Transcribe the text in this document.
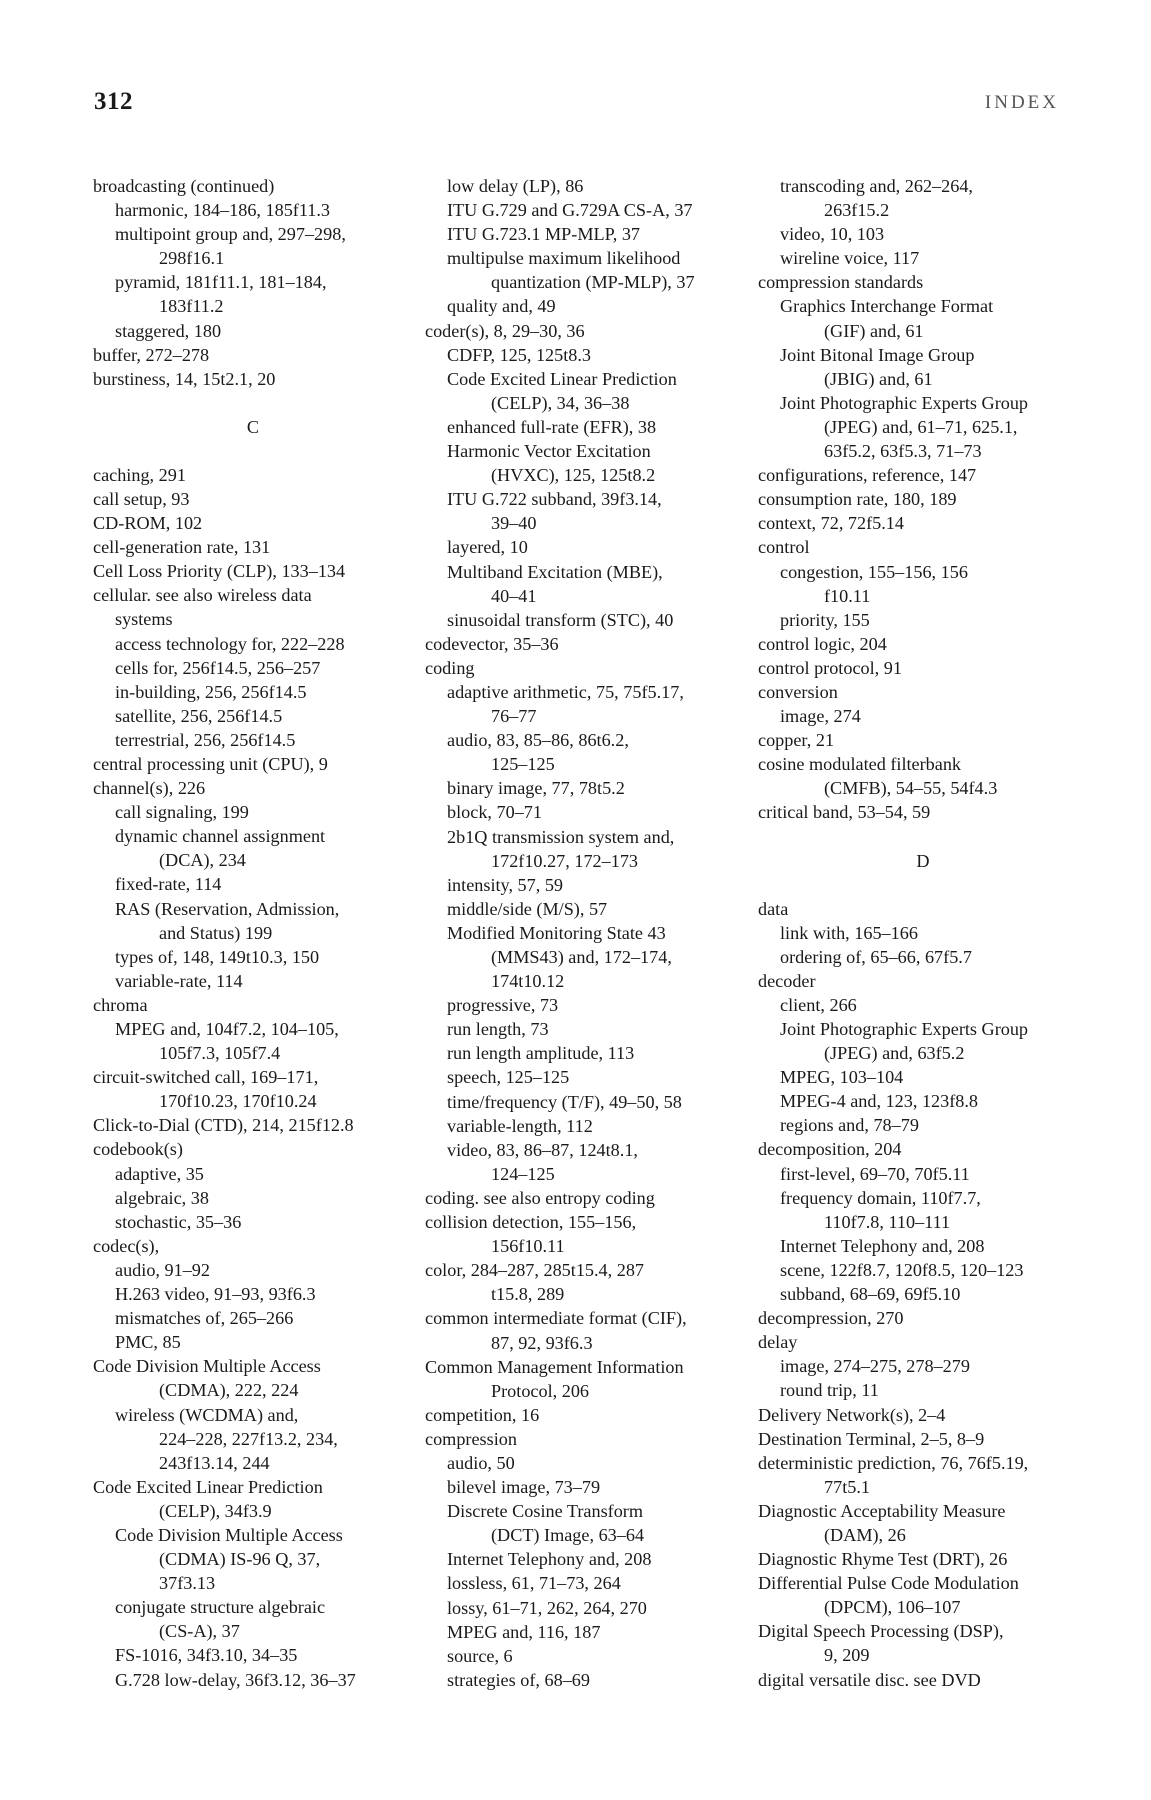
312	INDEX
broadcasting (continued)
harmonic, 184–186, 185f11.3
multipoint group and, 297–298,
298f16.1
pyramid, 181f11.1, 181–184,
183f11.2
staggered, 180
buffer, 272–278
burstiness, 14, 15t2.1, 20
C
caching, 291
call setup, 93
CD-ROM, 102
cell-generation rate, 131
Cell Loss Priority (CLP), 133–134
cellular. see also wireless data
systems
access technology for, 222–228
cells for, 256f14.5, 256–257
in-building, 256, 256f14.5
satellite, 256, 256f14.5
terrestrial, 256, 256f14.5
central processing unit (CPU), 9
channel(s), 226
call signaling, 199
dynamic channel assignment
(DCA), 234
fixed-rate, 114
RAS (Reservation, Admission,
and Status) 199
types of, 148, 149t10.3, 150
variable-rate, 114
chroma
MPEG and, 104f7.2, 104–105,
105f7.3, 105f7.4
circuit-switched call, 169–171,
170f10.23, 170f10.24
Click-to-Dial (CTD), 214, 215f12.8
codebook(s)
adaptive, 35
algebraic, 38
stochastic, 35–36
codec(s),
audio, 91–92
H.263 video, 91–93, 93f6.3
mismatches of, 265–266
PMC, 85
Code Division Multiple Access
(CDMA), 222, 224
wireless (WCDMA) and,
224–228, 227f13.2, 234,
243f13.14, 244
Code Excited Linear Prediction
(CELP), 34f3.9
Code Division Multiple Access
(CDMA) IS-96 Q, 37,
37f3.13
conjugate structure algebraic
(CS-A), 37
FS-1016, 34f3.10, 34–35
G.728 low-delay, 36f3.12, 36–37
low delay (LP), 86
ITU G.729 and G.729A CS-A, 37
ITU G.723.1 MP-MLP, 37
multipulse maximum likelihood
quantization (MP-MLP), 37
quality and, 49
coder(s), 8, 29–30, 36
CDFP, 125, 125t8.3
Code Excited Linear Prediction
(CELP), 34, 36–38
enhanced full-rate (EFR), 38
Harmonic Vector Excitation
(HVXC), 125, 125t8.2
ITU G.722 subband, 39f3.14,
39–40
layered, 10
Multiband Excitation (MBE),
40–41
sinusoidal transform (STC), 40
codevector, 35–36
coding
adaptive arithmetic, 75, 75f5.17,
76–77
audio, 83, 85–86, 86t6.2,
125–125
binary image, 77, 78t5.2
block, 70–71
2b1Q transmission system and,
172f10.27, 172–173
intensity, 57, 59
middle/side (M/S), 57
Modified Monitoring State 43
(MMS43) and, 172–174,
174t10.12
progressive, 73
run length, 73
run length amplitude, 113
speech, 125–125
time/frequency (T/F), 49–50, 58
variable-length, 112
video, 83, 86–87, 124t8.1,
124–125
coding. see also entropy coding
collision detection, 155–156,
156f10.11
color, 284–287, 285t15.4, 287
t15.8, 289
common intermediate format (CIF),
87, 92, 93f6.3
Common Management Information
Protocol, 206
competition, 16
compression
audio, 50
bilevel image, 73–79
Discrete Cosine Transform
(DCT) Image, 63–64
Internet Telephony and, 208
lossless, 61, 71–73, 264
lossy, 61–71, 262, 264, 270
MPEG and, 116, 187
source, 6
strategies of, 68–69
transcoding and, 262–264,
263f15.2
video, 10, 103
wireline voice, 117
compression standards
Graphics Interchange Format
(GIF) and, 61
Joint Bitonal Image Group
(JBIG) and, 61
Joint Photographic Experts Group
(JPEG) and, 61–71, 625.1,
63f5.2, 63f5.3, 71–73
configurations, reference, 147
consumption rate, 180, 189
context, 72, 72f5.14
control
congestion, 155–156, 156
f10.11
priority, 155
control logic, 204
control protocol, 91
conversion
image, 274
copper, 21
cosine modulated filterbank
(CMFB), 54–55, 54f4.3
critical band, 53–54, 59
D
data
link with, 165–166
ordering of, 65–66, 67f5.7
decoder
client, 266
Joint Photographic Experts Group
(JPEG) and, 63f5.2
MPEG, 103–104
MPEG-4 and, 123, 123f8.8
regions and, 78–79
decomposition, 204
first-level, 69–70, 70f5.11
frequency domain, 110f7.7,
110f7.8, 110–111
Internet Telephony and, 208
scene, 122f8.7, 120f8.5, 120–123
subband, 68–69, 69f5.10
decompression, 270
delay
image, 274–275, 278–279
round trip, 11
Delivery Network(s), 2–4
Destination Terminal, 2–5, 8–9
deterministic prediction, 76, 76f5.19,
77t5.1
Diagnostic Acceptability Measure
(DAM), 26
Diagnostic Rhyme Test (DRT), 26
Differential Pulse Code Modulation
(DPCM), 106–107
Digital Speech Processing (DSP),
9, 209
digital versatile disc. see DVD
